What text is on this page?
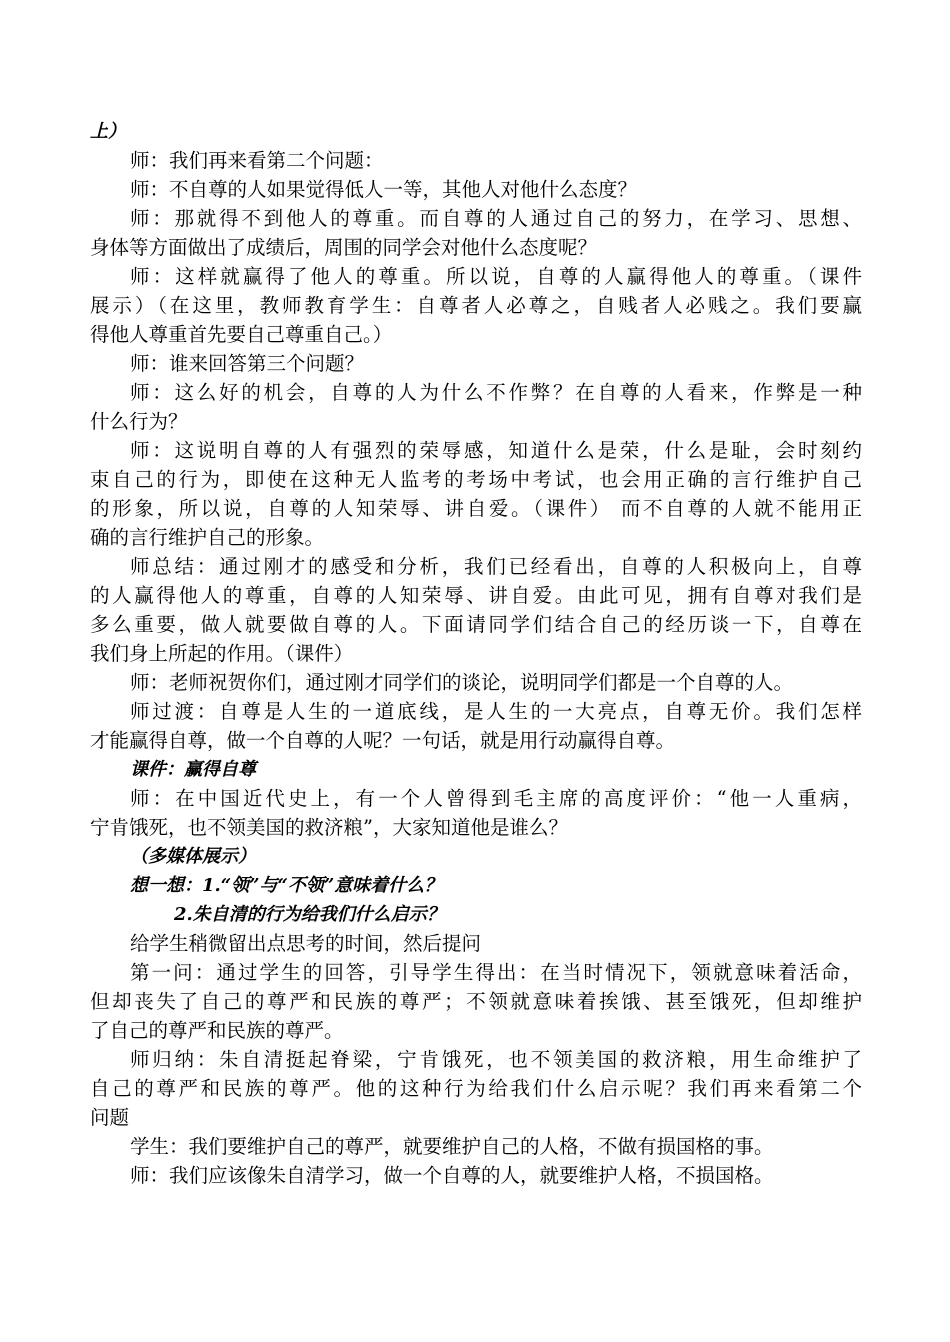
上）
师：我们再来看第二个问题：
师：不自尊的人如果觉得低人一等，其他人对他什么态度？
师：那就得不到他人的尊重。而自尊的人通过自己的努力，在学习、思想、
身体等方面做出了成绩后，周围的同学会对他什么态度呢？
师：这样就赢得了他人的尊重。所以说，自尊的人赢得他人的尊重。（课件
展示）（在这里，教师教育学生：自尊者人必尊之，自贱者人必贱之。我们要赢
得他人尊重首先要自己尊重自己。）
师：谁来回答第三个问题？
师：这么好的机会，自尊的人为什么不作弊？在自尊的人看来，作弊是一种
什么行为？
师：这说明自尊的人有强烈的荣辱感，知道什么是荣，什么是耻，会时刻约
束自己的行为，即使在这种无人监考的考场中考试，也会用正确的言行维护自己
的形象，所以说，自尊的人知荣辱、讲自爱。（课件） 而不自尊的人就不能用正
确的言行维护自己的形象。
师总结：通过刚才的感受和分析，我们已经看出，自尊的人积极向上，自尊
的人赢得他人的尊重，自尊的人知荣辱、讲自爱。由此可见，拥有自尊对我们是
多么重要，做人就要做自尊的人。下面请同学们结合自己的经历谈一下，自尊在
我们身上所起的作用。（课件）
师：老师祝贺你们，通过刚才同学们的谈论，说明同学们都是一个自尊的人。
师过渡：自尊是人生的一道底线，是人生的一大亮点，自尊无价。我们怎样
才能赢得自尊，做一个自尊的人呢？一句话，就是用行动赢得自尊。
课件：赢得自尊
师：在中国近代史上，有一个人曾得到毛主席的高度评价：“他一人重病，
宁肯饿死，也不领美国的救济粮”，大家知道他是谁么？
（多媒体展示）
想一想：1.“领”与“不领”意味着什么？
2.朱自清的行为给我们什么启示？
给学生稍微留出点思考的时间，然后提问
第一问：通过学生的回答，引导学生得出：在当时情况下，领就意味着活命，
但却丧失了自己的尊严和民族的尊严；不领就意味着挨饿、甚至饿死，但却维护
了自己的尊严和民族的尊严。
师归纳：朱自清挺起脊梁，宁肯饿死，也不领美国的救济粮，用生命维护了
自己的尊严和民族的尊严。他的这种行为给我们什么启示呢？我们再来看第二个
问题
学生：我们要维护自己的尊严，就要维护自己的人格，不做有损国格的事。
师：我们应该像朱自清学习，做一个自尊的人，就要维护人格，不损国格。
